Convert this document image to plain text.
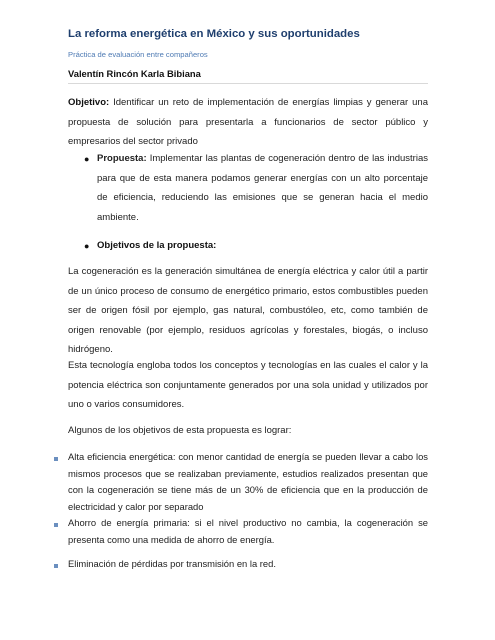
La reforma energética en México y sus oportunidades

Práctica de evaluación entre compañeros

Valentín Rincón Karla Bibiana

Objetivo: Identificar un reto de implementación de energías limpias y generar una propuesta de solución para presentarla a funcionarios de sector público y empresarios del sector privado

● Propuesta: Implementar las plantas de cogeneración dentro de las industrias para que de esta manera podamos generar energías con un alto porcentaje de eficiencia, reduciendo las emisiones que se generan hacia el medio ambiente.

● Objetivos de la propuesta:

La cogeneración es la generación simultánea de energía eléctrica y calor útil a partir de un único proceso de consumo de energético primario, estos combustibles pueden ser de origen fósil por ejemplo, gas natural, combustóleo, etc, como también de origen renovable (por ejemplo, residuos agrícolas y forestales, biogás, o incluso hidrógeno.

Esta tecnología engloba todos los conceptos y tecnologías en las cuales el calor y la potencia eléctrica son conjuntamente generados por una sola unidad y utilizados por uno o varios consumidores.

Algunos de los objetivos de esta propuesta es lograr:

Alta eficiencia energética: con menor cantidad de energía se pueden llevar a cabo los mismos procesos que se realizaban previamente, estudios realizados presentan que con la cogeneración se tiene más de un 30% de eficiencia que en la producción de electricidad y calor por separado

Ahorro de energía primaria: si el nivel productivo no cambia, la cogeneración se presenta como una medida de ahorro de energía.

Eliminación de pérdidas por transmisión en la red.
